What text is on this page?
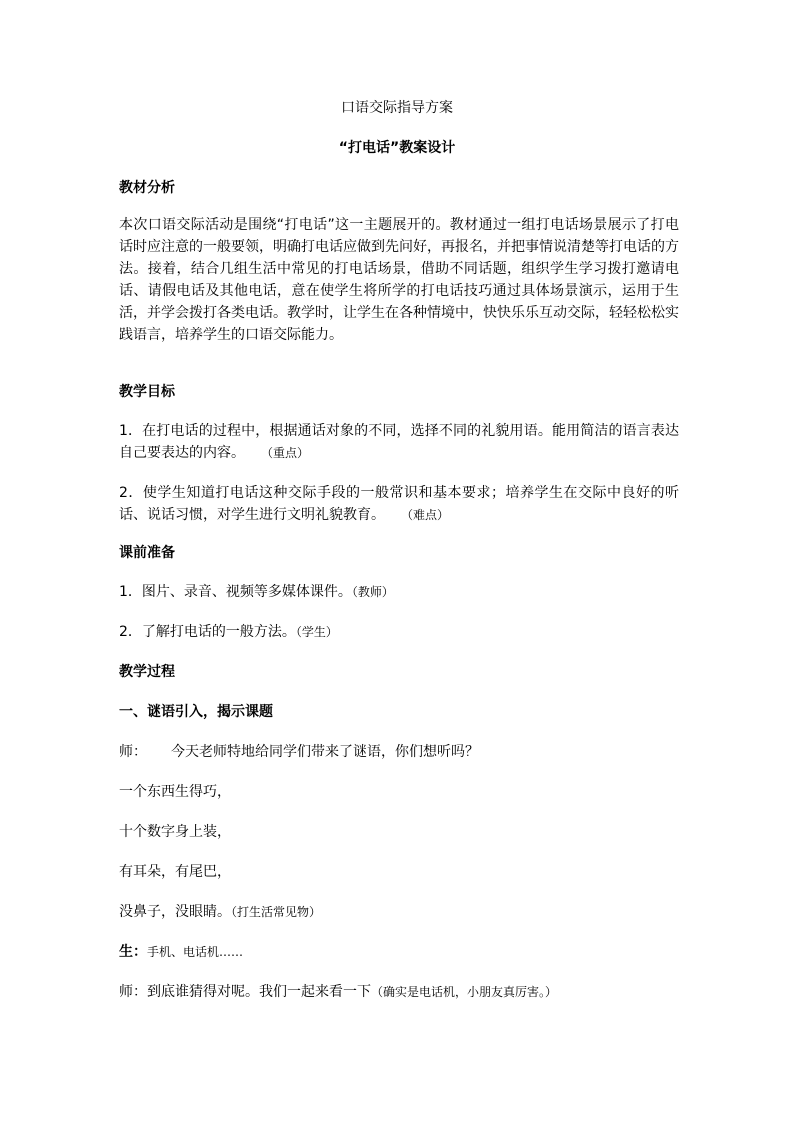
口语交际指导方案
“打电话”教案设计
教材分析
本次口语交际活动是围绕“打电话”这一主题展开的。教材通过一组打电话场景展示了打电话时应注意的一般要领，明确打电话应做到先问好，再报名，并把事情说清楚等打电话的方法。接着，结合几组生活中常见的打电话场景，借助不同话题，组织学生学习拨打邀请电话、请假电话及其他电话，意在使学生将所学的打电话技巧通过具体场景演示，运用于生活，并学会拨打各类电话。教学时，让学生在各种情境中，快快乐乐互动交际，轻轻松松实践语言，培养学生的口语交际能力。
教学目标
1．在打电话的过程中，根据通话对象的不同，选择不同的礼貌用语。能用简洁的语言表达自己要表达的内容。 （重点）
2．使学生知道打电话这种交际手段的一般常识和基本要求；培养学生在交际中良好的听话、说话习惯，对学生进行文明礼貌教育。 （难点）
课前准备
1．图片、录音、视频等多媒体课件。（教师）
2．了解打电话的一般方法。（学生）
教学过程
一、谜语引入，揭示课题
师： 今天老师特地给同学们带来了谜语，你们想听吗？
一个东西生得巧，
十个数字身上装，
有耳朵，有尾巴，
没鼻子，没眼睛。（打生活常见物）
生：手机、电话机……
师：到底谁猜得对呢。我们一起来看一下（确实是电话机，小朋友真厉害。）
